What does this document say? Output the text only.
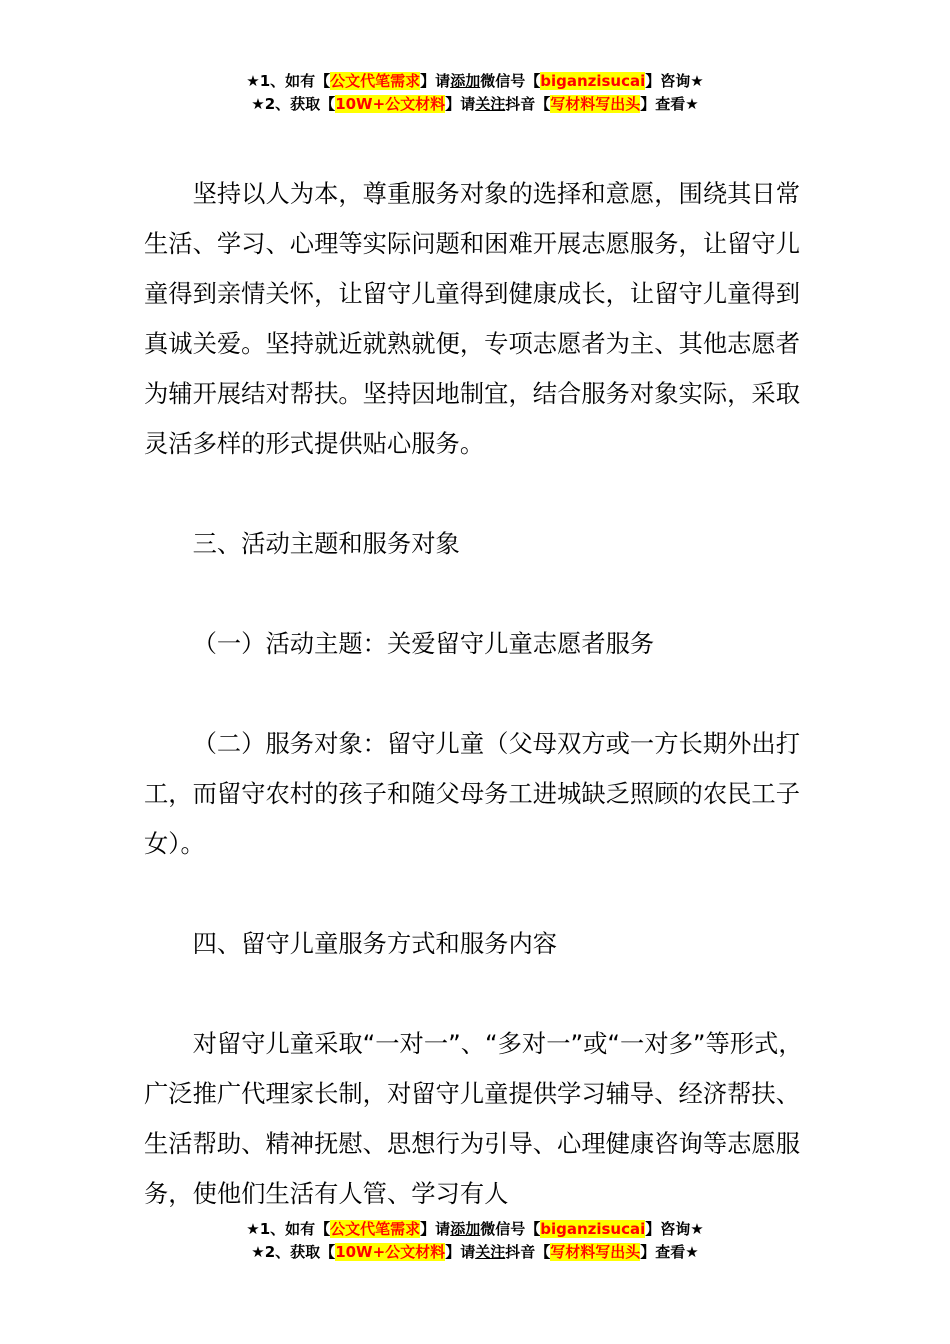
★1、如有【公文代笔需求】请添加微信号【biganzisucai】咨询★
★2、获取【10W+公文材料】请关注抖音【写材料写出头】查看★

坚持以人为本，尊重服务对象的选择和意愿，围绕其日常生活、学习、心理等实际问题和困难开展志愿服务，让留守儿童得到亲情关怀，让留守儿童得到健康成长，让留守儿童得到真诚关爱。坚持就近就熟就便，专项志愿者为主、其他志愿者为辅开展结对帮扶。坚持因地制宜，结合服务对象实际，采取灵活多样的形式提供贴心服务。

三、活动主题和服务对象

（一）活动主题：关爱留守儿童志愿者服务

（二）服务对象：留守儿童（父母双方或一方长期外出打工，而留守农村的孩子和随父母务工进城缺乏照顾的农民工子女）。

四、留守儿童服务方式和服务内容

对留守儿童采取“一对一”、“多对一”或“一对多”等形式，广泛推广代理家长制，对留守儿童提供学习辅导、经济帮扶、生活帮助、精神抚慰、思想行为引导、心理健康咨询等志愿服务，使他们生活有人管、学习有人

★1、如有【公文代笔需求】请添加微信号【biganzisucai】咨询★
★2、获取【10W+公文材料】请关注抖音【写材料写出头】查看★
